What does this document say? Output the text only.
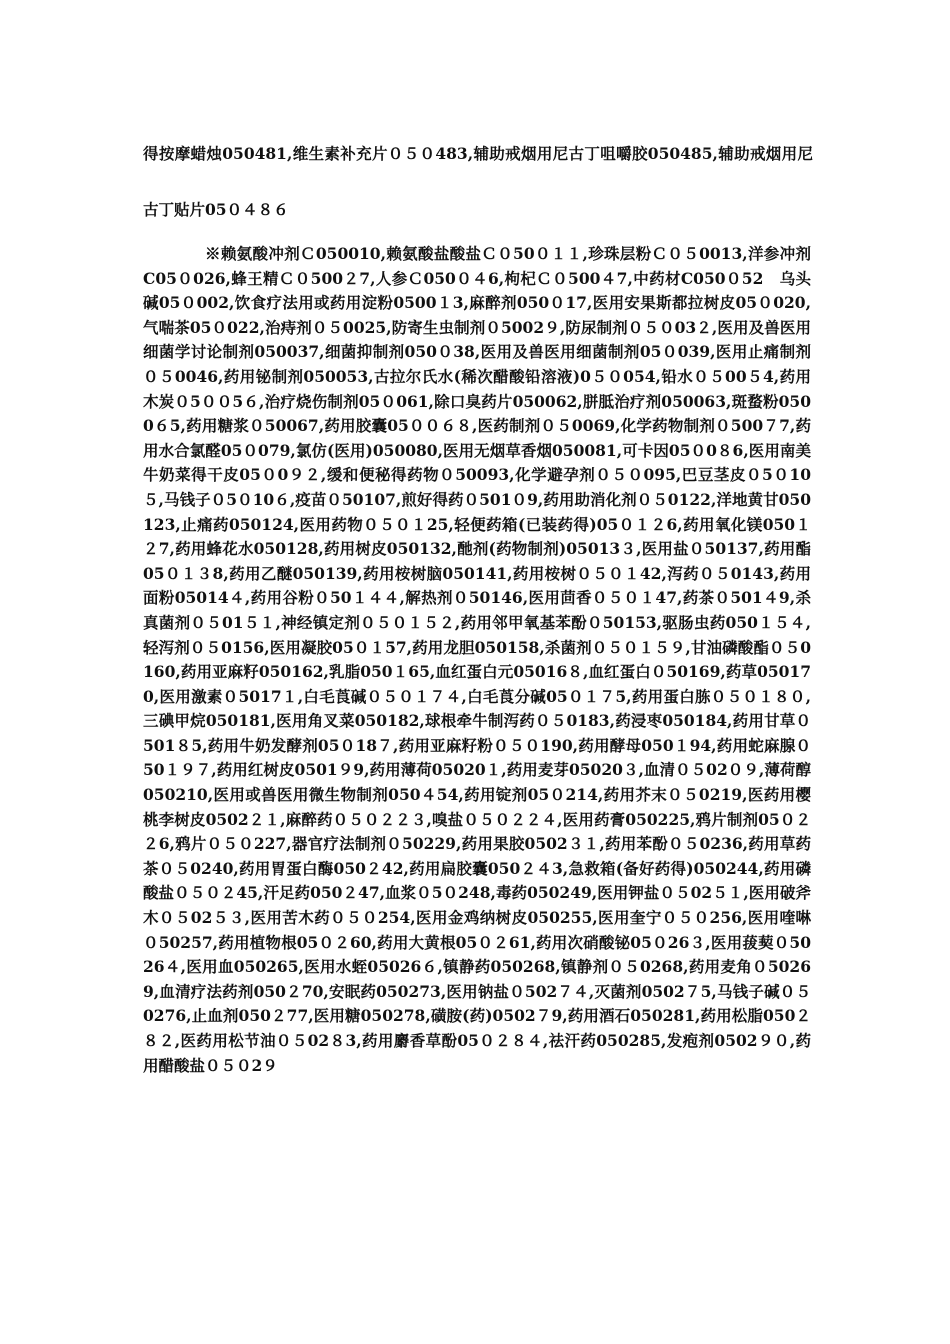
得按摩蜡烛050481,维生素补充片０５０483,辅助戒烟用尼古丁咀嚼胶050485,辅助戒烟用尼古丁贴片05０４８６

※赖氨酸冲剂Ｃ050010,赖氨酸盐酸盐Ｃ０50０１１,珍珠层粉Ｃ０５0013,洋参冲剂C05０026,蜂王精Ｃ０500２7,人参Ｃ050０４6,枸杞Ｃ０500４7,中药材C050０52　乌头碱05０002,饮食疗法用或药用淀粉0500１3,麻醉剂050０17,医用安果斯都拉树皮05０020,气喘茶05０022,治痔剂０５0025,防寄生虫制剂０5002９,防尿制剂０５０03２,医用及兽医用细菌学讨论制剂050037,细菌抑制剂050０38,医用及兽医用细菌制剂05０039,医用止痛制剂０５0046,药用铋制剂050053,古拉尔氏水(稀次醋酸铅溶液)0５０054,铅水０５00５4,药用木炭０5００5６,治疗烧伤制剂05０061,除口臭药片050062,胼胝治疗剂050063,斑蝥粉0500６5,药用糖浆０50067,药用胶囊05００６８,医药制剂０５0069,化学药物制剂０500７7,药用水合氯醛05０079,氯仿(医用)050080,医用无烟草香烟050081,可卡因05０0８6,医用南美牛奶菜得干皮05０0９２,缓和便秘得药物０50093,化学避孕剂０５０095,巴豆茎皮０5０10５,马钱子０5０10６,疫苗０50107,煎好得药０501０9,药用助消化剂０５0122,洋地黄甘050123,止痛药050124,医用药物０５０１25,轻便药箱(已装药得)05０１２6,药用氧化镁050１２7,药用蜂花水050128,药用树皮050132,酏剂(药物制剂)05013３,医用盐０50137,药用酯05０１３8,药用乙醚050139,药用桉树脑050141,药用桉树０５０１42,泻药０５0143,药用面粉05014４,药用谷粉０50１４４,解热剂０50146,医用茴香０５０１47,药茶０501４9,杀真菌剂０５01５１,神经镇定剂０５０１５２,药用邻甲氧基苯酚０50153,驱肠虫药050１５４,轻泻剂０５0156,医用凝胶05０１57,药用龙胆050158,杀菌剂０５０１５９,甘油磷酸酯０５0160,药用亚麻籽050162,乳脂050１65,血红蛋白元05016８,血红蛋白０50169,药草050170,医用激素０5017１,白毛莨碱０５０１７４,白毛莨分碱05０１７5,药用蛋白胨０５０１８０,三碘甲烷050181,医用角叉菜050182,球根牵牛制泻药０５0183,药浸枣050184,药用甘草０501８5,药用牛奶发酵剂05０18７,药用亚麻籽粉０５０190,药用酵母050１94,药用蛇麻腺０50１９７,药用红树皮0501９9,药用薄荷05020１,药用麦芽05020３,血清０５02０９,薄荷醇050210,医用或兽医用微生物制剂050４54,药用锭剂05０214,药用芥末０５0219,医药用樱桃李树皮0502２１,麻醉药０５０２２３,嗅盐０５０２２４,医用药膏050225,鸦片制剂05０２２6,鸦片０５０227,器官疗法制剂０50229,药用果胶0502３１,药用苯酚０５0236,药用草药茶０５0240,药用胃蛋白酶050２42,药用扁胶囊050２４3,急救箱(备好药得)050244,药用磷酸盐０５０２45,汗足药050２47,血浆０5０248,毒药050249,医用钾盐０５02５１,医用破斧木０５02５３,医用苦木药０５０254,医用金鸡纳树皮050255,医用奎宁０５０256,医用喹啉０50257,药用植物根05０２60,药用大黄根05０２61,药用次硝酸铋05０26３,医用菝葜０5026４,医用血050265,医用水蛭05026６,镇静药050268,镇静剂０５0268,药用麦角０50269,血清疗法药剂050２70,安眠药050273,医用钠盐０502７４,灭菌剂0502７5,马钱子碱０５0276,止血剂050２77,医用糖050278,磺胺(药)0502７9,药用酒石050281,药用松脂050２８２,医药用松节油０５02８3,药用麝香草酚05０２８４,祛汗药050285,发疱剂0502９０,药用醋酸盐０５０2９
